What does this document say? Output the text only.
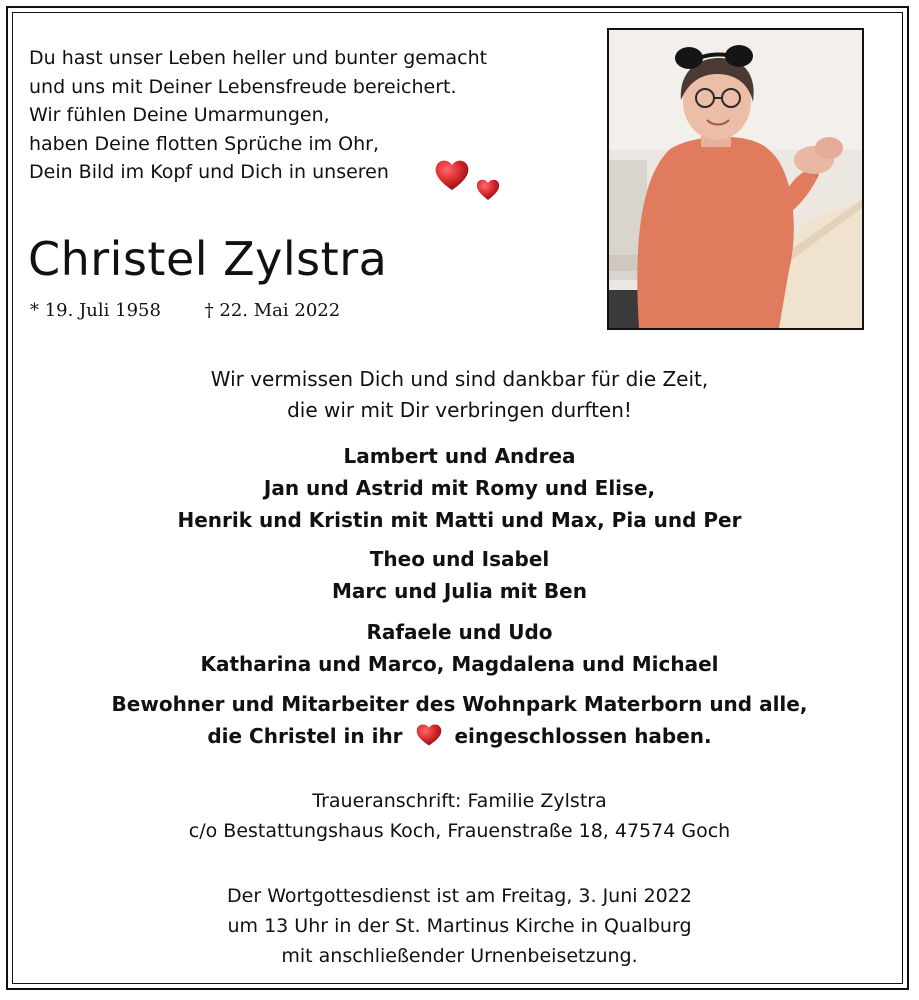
Du hast unser Leben heller und bunter gemacht
und uns mit Deiner Lebensfreude bereichert.
Wir fühlen Deine Umarmungen,
haben Deine flotten Sprüche im Ohr,
Dein Bild im Kopf und Dich in unseren
Christel Zylstra
* 19. Juli 1958 † 22. Mai 2022
Wir vermissen Dich und sind dankbar für die Zeit,
die wir mit Dir verbringen durften!
Lambert und Andrea
Jan und Astrid mit Romy und Elise,
Henrik und Kristin mit Matti und Max, Pia und Per
Theo und Isabel
Marc und Julia mit Ben
Rafaele und Udo
Katharina und Marco, Magdalena und Michael
Bewohner und Mitarbeiter des Wohnpark Materborn und alle,
die Christel in ihr	eingeschlossen haben.
Traueranschrift: Familie Zylstra
c/o Bestattungshaus Koch, Frauenstraße 18, 47574 Goch
Der Wortgottesdienst ist am Freitag, 3. Juni 2022
um 13 Uhr in der St. Martinus Kirche in Qualburg
mit anschließender Urnenbeisetzung.
